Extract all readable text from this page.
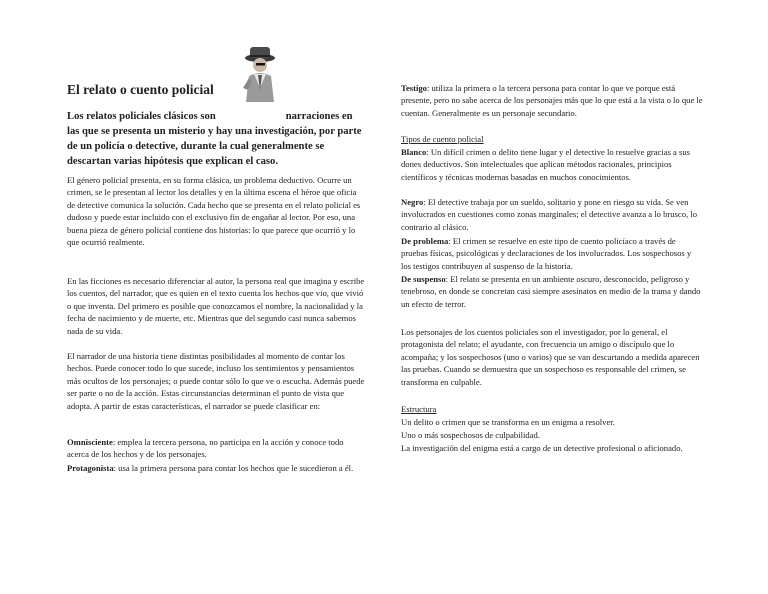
El relato o cuento policial

Los relatos policiales clásicos son	narraciones en las que se presenta un misterio y hay una investigación, por parte de un policía o detective, durante la cual generalmente se descartan varias hipótesis que explican el caso.

El género policial presenta, en su forma clásica, un problema deductivo. Ocurre un crimen, se le presentan al lector los detalles y en la última escena el héroe que oficia de detective comunica la solución. Cada hecho que se presenta en el relato policial es dudoso y puede estar incluido con el exclusivo fin de engañar al lector. Por eso, una buena pieza de género policial contiene dos historias: lo que parece que ocurrió y lo que ocurrió realmente.

En las ficciones es necesario diferenciar al autor, la persona real que imagina y escribe los cuentos, del narrador, que es quien en el texto cuenta los hechos que vio, que vivió o que inventa. Del primero es posible que conozcamos el nombre, la nacionalidad y la fecha de nacimiento y de muerte, etc. Mientras que del segundo casi nunca sabemos nada de su vida.

El narrador de una historia tiene distintas posibilidades al momento de contar los hechos. Puede conocer todo lo que sucede, incluso los sentimientos y pensamientos más ocultos de los personajes; o puede contar sólo lo que ve o escucha. Además puede ser parte o no de la acción. Estas circunstancias determinan el punto de vista que adopta. A partir de estas características, el narrador se puede clasificar en:

Omnisciente: emplea la tercera persona, no participa en la acción y conoce todo acerca de los hechos y de los personajes.

Protagonista: usa la primera persona para contar los hechos que le sucedieron a él.

Testigo: utiliza la primera o la tercera persona para contar lo que ve porque está presente, pero no sabe acerca de los personajes más que lo que está a la vista o lo que le cuentan. Generalmente es un personaje secundario.

Tipos de cuento policial

Blanco: Un difícil crimen o delito tiene lugar y el detective lo resuelve gracias a sus dones deductivos. Son intelectuales que aplican métodos racionales, principios científicos y técnicas modernas basadas en muchos conocimientos.

Negro: El detective trabaja por un sueldo, solitario y pone en riesgo su vida. Se ven involucrados en cuestiones como zonas marginales; el detective avanza a lo brusco, lo contrario al clásico.

De problema: El crimen se resuelve en este tipo de cuento policíaco a través de pruebas físicas, psicológicas y declaraciones de los involucrados. Los sospechosos y los testigos contribuyen al suspenso de la historia.

De suspenso: El relato se presenta en un ambiente oscuro, desconocido, peligroso y tenebroso, en donde se concretan casi siempre asesinatos en medio de la trama y dando un efecto de terror.

Los personajes de los cuentos policiales son el investigador, por lo general, el protagonista del relato; el ayudante, con frecuencia un amigo o discípulo que lo acompaña; y los sospechosos (uno o varios) que se van descartando a medida aparecen las pruebas. Cuando se demuestra que un sospechoso es responsable del crimen, se transforma en culpable.

Estructura

Un delito o crimen que se transforma en un enigma a resolver.

Uno o más sospechosos de culpabilidad.

La investigación del enigma está a cargo de un detective profesional o aficionado.
